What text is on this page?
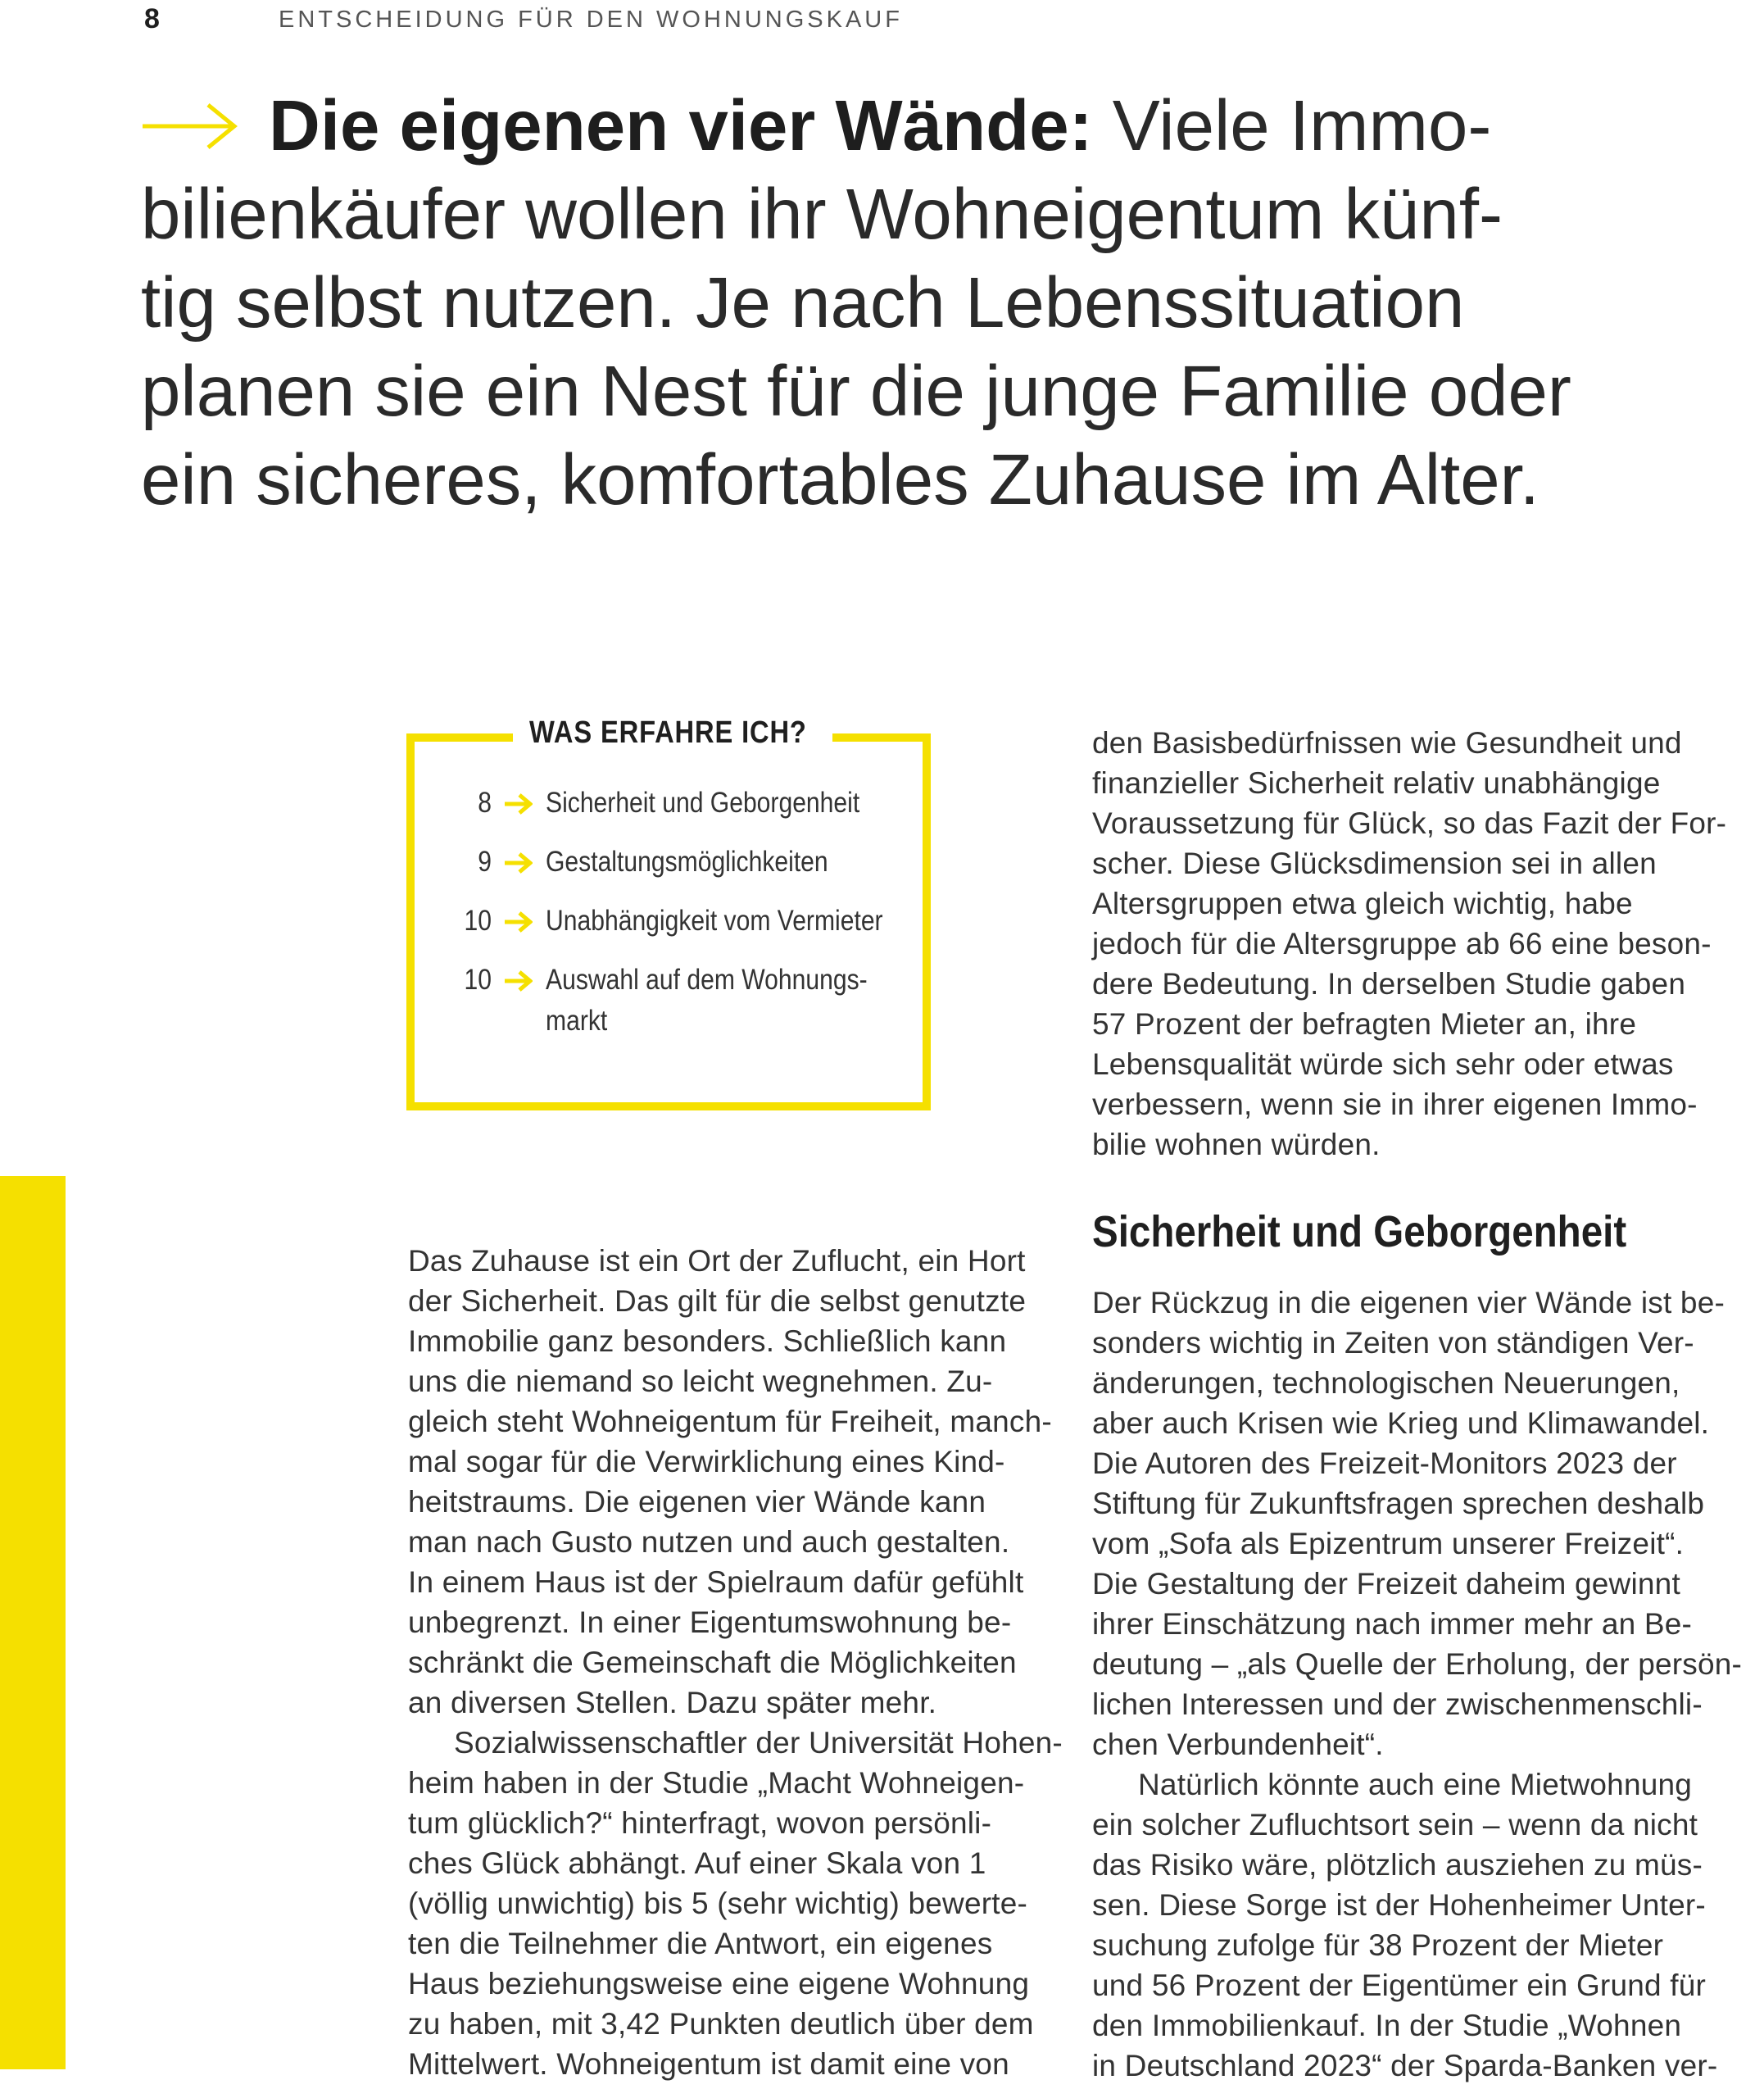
8	ENTSCHEIDUNG FÜR DEN WOHNUNGSKAUF
Die eigenen vier Wände: Viele Immo-
bilienkäufer wollen ihr Wohneigentum künf-
tig selbst nutzen. Je nach Lebenssituation
planen sie ein Nest für die junge Familie oder
ein sicheres, komfortables Zuhause im Alter.
WAS ERFAHRE ICH?
8 Sicherheit und Geborgenheit
9 Gestaltungsmöglichkeiten
10 Unabhängigkeit vom Vermieter
10 Auswahl auf dem Wohnungs-
markt
Das Zuhause ist ein Ort der Zuflucht, ein Hort
der Sicherheit. Das gilt für die selbst genutzte
Immobilie ganz besonders. Schließlich kann
uns die niemand so leicht wegnehmen. Zu-
gleich steht Wohneigentum für Freiheit, manch-
mal sogar für die Verwirklichung eines Kind-
heitstraums. Die eigenen vier Wände kann
man nach Gusto nutzen und auch gestalten.
In einem Haus ist der Spielraum dafür gefühlt
unbegrenzt. In einer Eigentumswohnung be-
schränkt die Gemeinschaft die Möglichkeiten
an diversen Stellen. Dazu später mehr.
Sozialwissenschaftler der Universität Hohen-
heim haben in der Studie „Macht Wohneigen-
tum glücklich?“ hinterfragt, wovon persönli-
ches Glück abhängt. Auf einer Skala von 1
(völlig unwichtig) bis 5 (sehr wichtig) bewerte-
ten die Teilnehmer die Antwort, ein eigenes
Haus beziehungsweise eine eigene Wohnung
zu haben, mit 3,42 Punkten deutlich über dem
Mittelwert. Wohneigentum ist damit eine von
den Basisbedürfnissen wie Gesundheit und
finanzieller Sicherheit relativ unabhängige
Voraussetzung für Glück, so das Fazit der For-
scher. Diese Glücksdimension sei in allen
Altersgruppen etwa gleich wichtig, habe
jedoch für die Altersgruppe ab 66 eine beson-
dere Bedeutung. In derselben Studie gaben
57 Prozent der befragten Mieter an, ihre
Lebensqualität würde sich sehr oder etwas
verbessern, wenn sie in ihrer eigenen Immo-
bilie wohnen würden.
Sicherheit und Geborgenheit
Der Rückzug in die eigenen vier Wände ist be-
sonders wichtig in Zeiten von ständigen Ver-
änderungen, technologischen Neuerungen,
aber auch Krisen wie Krieg und Klimawandel.
Die Autoren des Freizeit-Monitors 2023 der
Stiftung für Zukunftsfragen sprechen deshalb
vom „Sofa als Epizentrum unserer Freizeit“.
Die Gestaltung der Freizeit daheim gewinnt
ihrer Einschätzung nach immer mehr an Be-
deutung – „als Quelle der Erholung, der persön-
lichen Interessen und der zwischenmenschli-
chen Verbundenheit“.
Natürlich könnte auch eine Mietwohnung
ein solcher Zufluchtsort sein – wenn da nicht
das Risiko wäre, plötzlich ausziehen zu müs-
sen. Diese Sorge ist der Hohenheimer Unter-
suchung zufolge für 38 Prozent der Mieter
und 56 Prozent der Eigentümer ein Grund für
den Immobilienkauf. In der Studie „Wohnen
in Deutschland 2023“ der Sparda-Banken ver-
